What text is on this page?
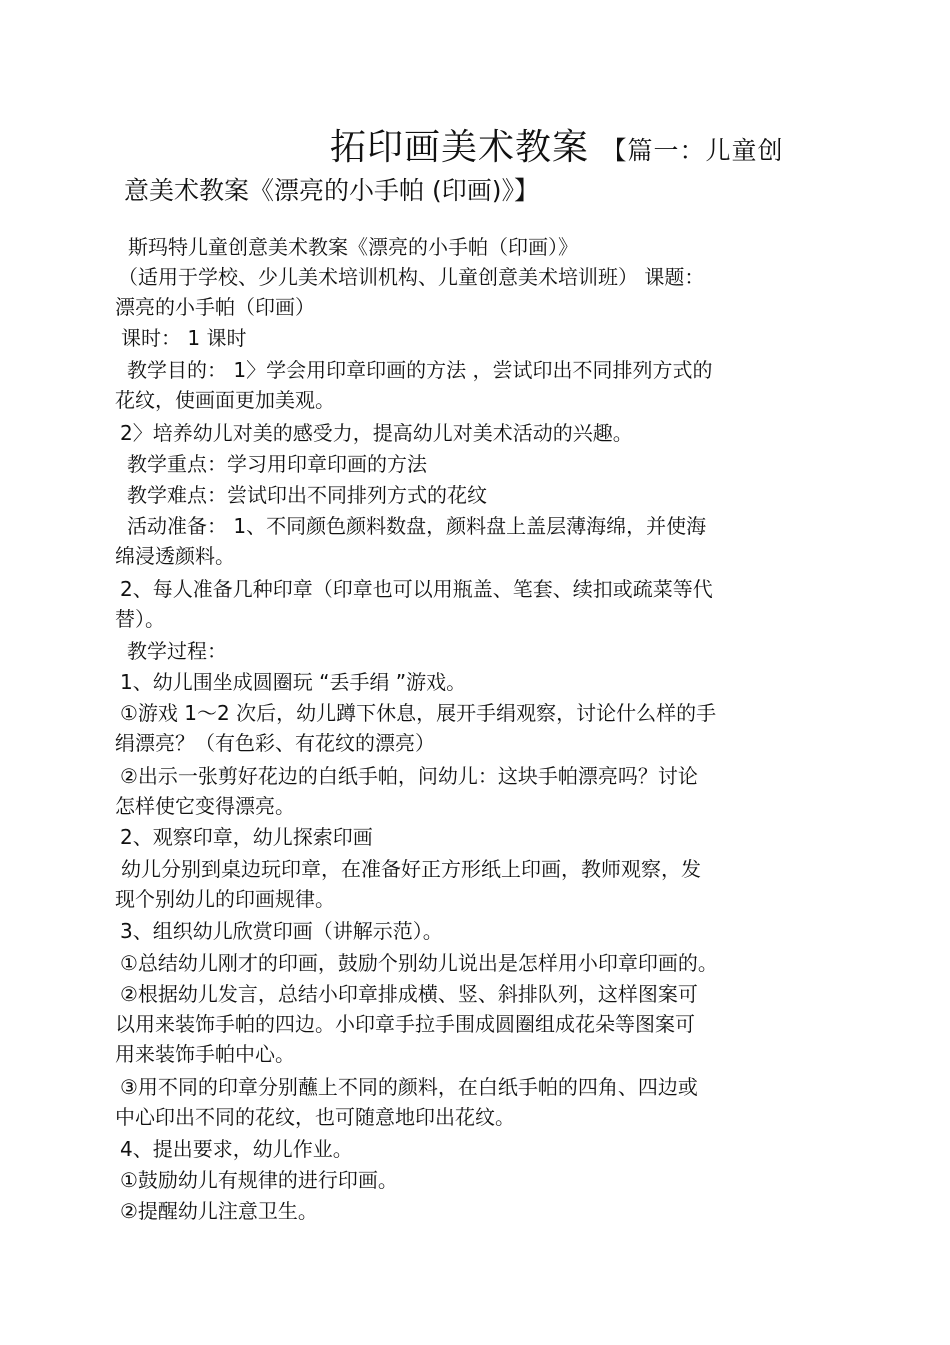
拓印画美术教案 【篇一：儿童创
意美术教案《漂亮的小手帕 (印画)》】
斯玛特儿童创意美术教案《漂亮的小手帕（印画）》
（适用于学校、少儿美术培训机构、儿童创意美术培训班） 课题：
漂亮的小手帕（印画）
课时： 1 课时
教学目的： 1〉学会用印章印画的方法 ，尝试印出不同排列方式的
花纹，使画面更加美观。
2〉培养幼儿对美的感受力，提高幼儿对美术活动的兴趣。
教学重点：学习用印章印画的方法
教学难点：尝试印出不同排列方式的花纹
活动准备： 1、不同颜色颜料数盘，颜料盘上盖层薄海绵，并使海
绵浸透颜料。
2、每人准备几种印章（印章也可以用瓶盖、笔套、续扣或疏菜等代
替）。
教学过程：
1、幼儿围坐成圆圈玩 “丢手绢 ”游戏。
①游戏 1～2 次后，幼儿蹲下休息，展开手绢观察，讨论什么样的手
绢漂亮？（有色彩、有花纹的漂亮）
②出示一张剪好花边的白纸手帕，问幼儿：这块手帕漂亮吗？讨论
怎样使它变得漂亮。
2、观察印章，幼儿探索印画
幼儿分别到桌边玩印章，在准备好正方形纸上印画，教师观察，发
现个别幼儿的印画规律。
3、组织幼儿欣赏印画（讲解示范）。
①总结幼儿刚才的印画，鼓励个别幼儿说出是怎样用小印章印画的。
②根据幼儿发言，总结小印章排成横、竖、斜排队列，这样图案可
以用来装饰手帕的四边。小印章手拉手围成圆圈组成花朵等图案可
用来装饰手帕中心。
③用不同的印章分别蘸上不同的颜料，在白纸手帕的四角、四边或
中心印出不同的花纹，也可随意地印出花纹。
4、提出要求，幼儿作业。
①鼓励幼儿有规律的进行印画。
②提醒幼儿注意卫生。
